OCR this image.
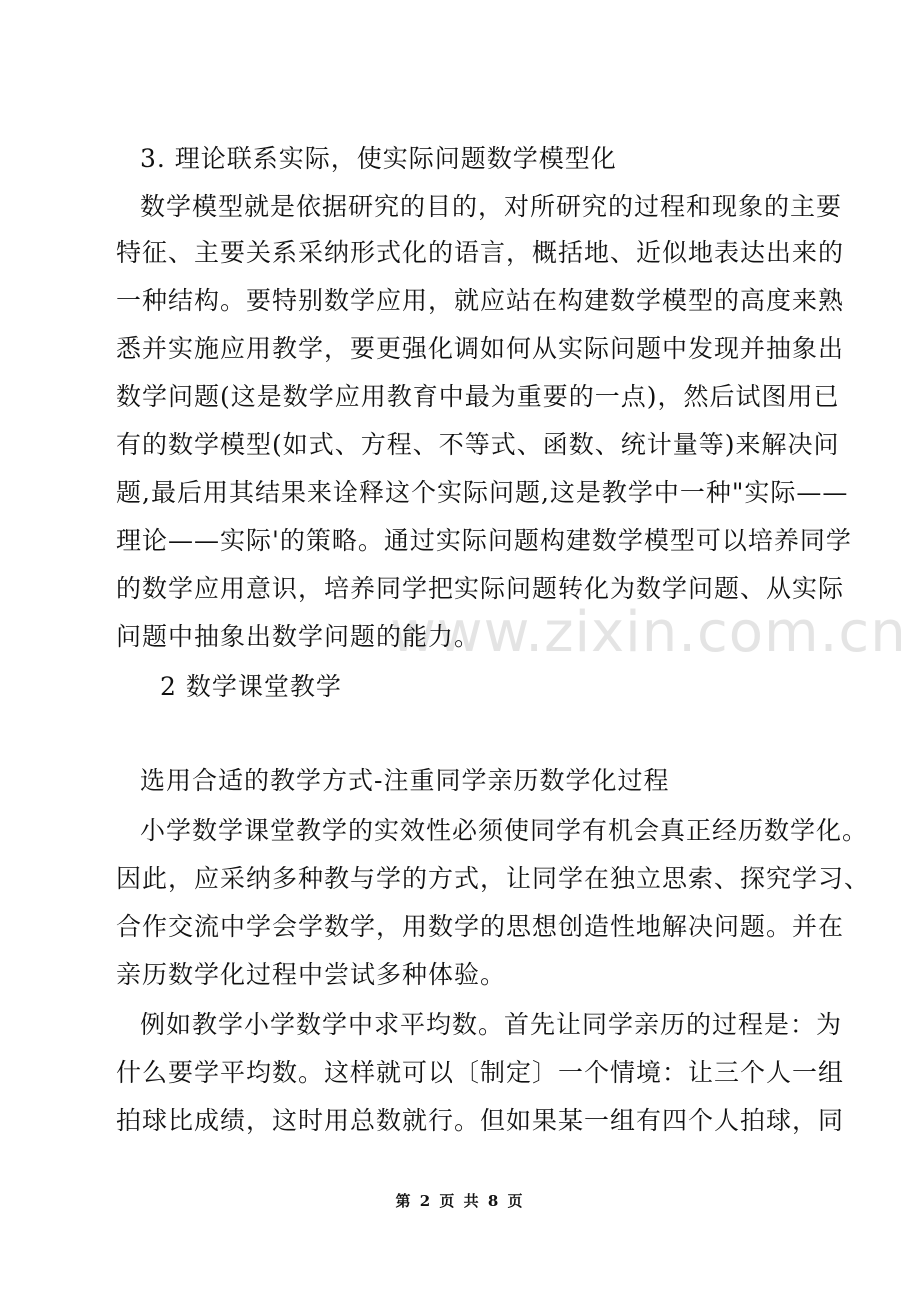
www.zixin.com.cn
3. 理论联系实际，使实际问题数学模型化
数学模型就是依据研究的目的，对所研究的过程和现象的主要
特征、主要关系采纳形式化的语言，概括地、近似地表达出来的
一种结构。要特别数学应用，就应站在构建数学模型的高度来熟
悉并实施应用教学，要更强化调如何从实际问题中发现并抽象出
数学问题(这是数学应用教育中最为重要的一点)，然后试图用已
有的数学模型(如式、方程、不等式、函数、统计量等)来解决问
题,最后用其结果来诠释这个实际问题,这是教学中一种"实际——
理论——实际'的策略。通过实际问题构建数学模型可以培养同学
的数学应用意识，培养同学把实际问题转化为数学问题、从实际
问题中抽象出数学问题的能力。
2 数学课堂教学
选用合适的教学方式-注重同学亲历数学化过程
小学数学课堂教学的实效性必须使同学有机会真正经历数学化。
因此，应采纳多种教与学的方式，让同学在独立思索、探究学习、
合作交流中学会学数学，用数学的思想创造性地解决问题。并在
亲历数学化过程中尝试多种体验。
例如教学小学数学中求平均数。首先让同学亲历的过程是：为
什么要学平均数。这样就可以〔制定〕一个情境：让三个人一组
拍球比成绩，这时用总数就行。但如果某一组有四个人拍球，同
第 2 页 共 8 页
